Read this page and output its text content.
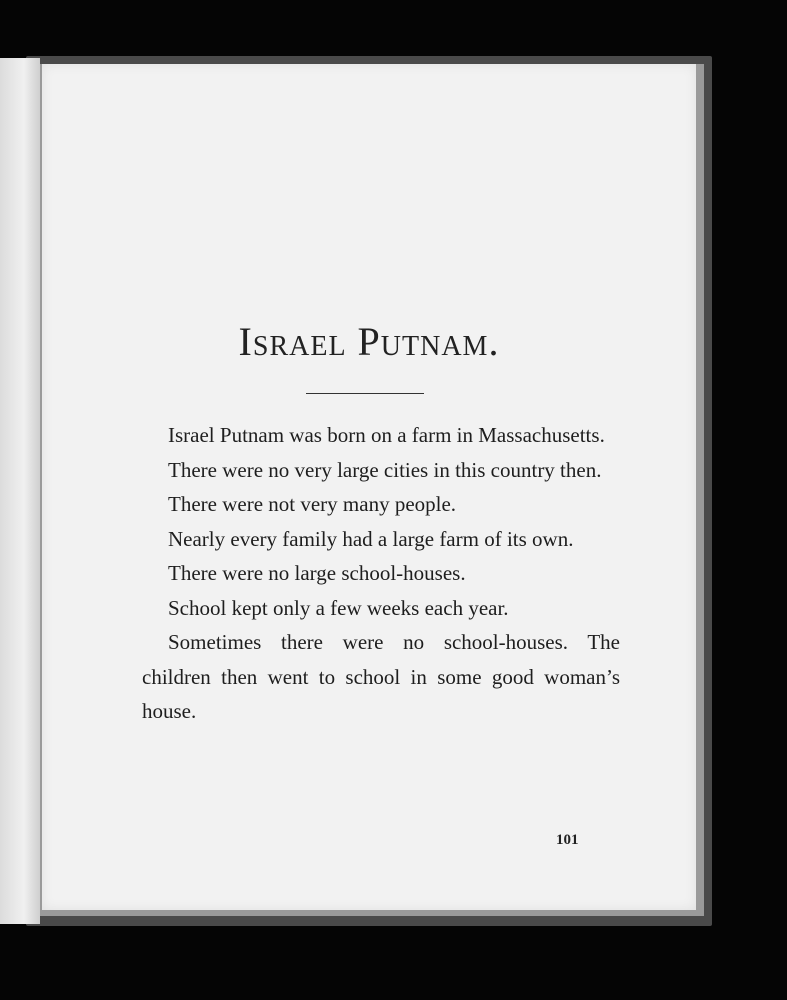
Israel Putnam.

Israel Putnam was born on a farm in Massachusetts.

There were no very large cities in this country then.

There were not very many people.

Nearly every family had a large farm of its own.

There were no large school-houses.

School kept only a few weeks each year.

Sometimes there were no school-houses. The children then went to school in some good woman’s house.

101
